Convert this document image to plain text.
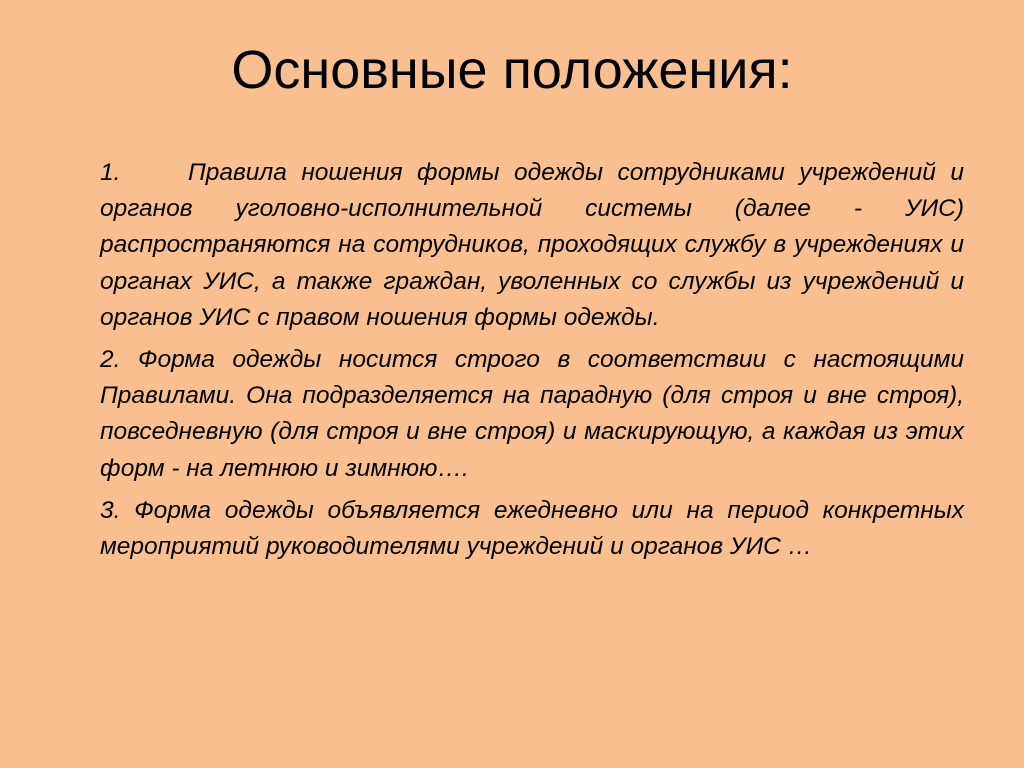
Основные положения:

1.	Правила ношения формы одежды сотрудниками учреждений и органов уголовно-исполнительной системы (далее - УИС) распространяются на сотрудников, проходящих службу в учреждениях и органах УИС, а также граждан, уволенных со службы из учреждений и органов УИС с правом ношения формы одежды.

2. Форма одежды носится строго в соответствии с настоящими Правилами. Она подразделяется на парадную (для строя и вне строя), повседневную (для строя и вне строя) и маскирующую, а каждая из этих форм - на летнюю и зимнюю….

3. Форма одежды объявляется ежедневно или на период конкретных мероприятий руководителями учреждений и органов УИС …
